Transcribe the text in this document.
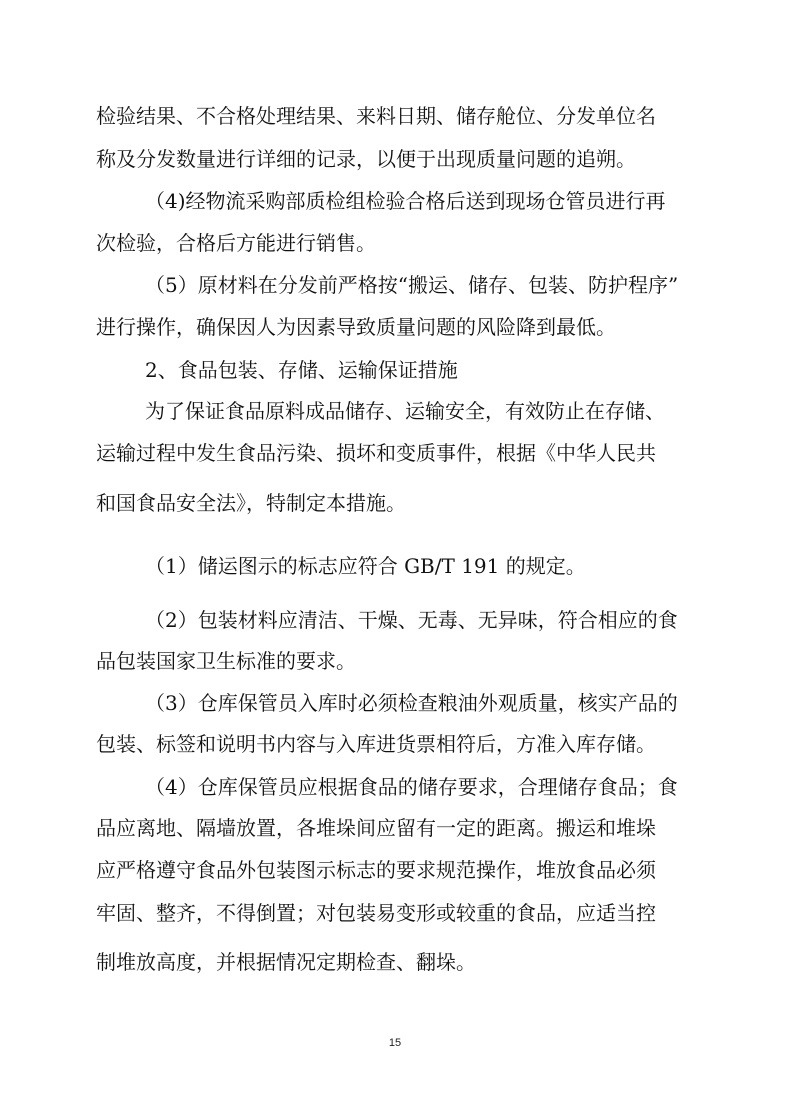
检验结果、不合格处理结果、来料日期、储存舱位、分发单位名
称及分发数量进行详细的记录，以便于出现质量问题的追朔。
（4)经物流采购部质检组检验合格后送到现场仓管员进行再
次检验，合格后方能进行销售。
（5）原材料在分发前严格按“搬运、储存、包装、防护程序”
进行操作，确保因人为因素导致质量问题的风险降到最低。
2、食品包装、存储、运输保证措施
为了保证食品原料成品储存、运输安全，有效防止在存储、
运输过程中发生食品污染、损坏和变质事件，根据《中华人民共
和国食品安全法》，特制定本措施。
（1）储运图示的标志应符合 GB/T 191 的规定。
（2）包装材料应清洁、干燥、无毒、无异味，符合相应的食
品包装国家卫生标准的要求。
（3）仓库保管员入库时必须检查粮油外观质量，核实产品的
包装、标签和说明书内容与入库进货票相符后，方准入库存储。
（4）仓库保管员应根据食品的储存要求，合理储存食品；食
品应离地、隔墙放置，各堆垛间应留有一定的距离。搬运和堆垛
应严格遵守食品外包装图示标志的要求规范操作，堆放食品必须
牢固、整齐，不得倒置；对包装易变形或较重的食品，应适当控
制堆放高度，并根据情况定期检查、翻垛。
15
